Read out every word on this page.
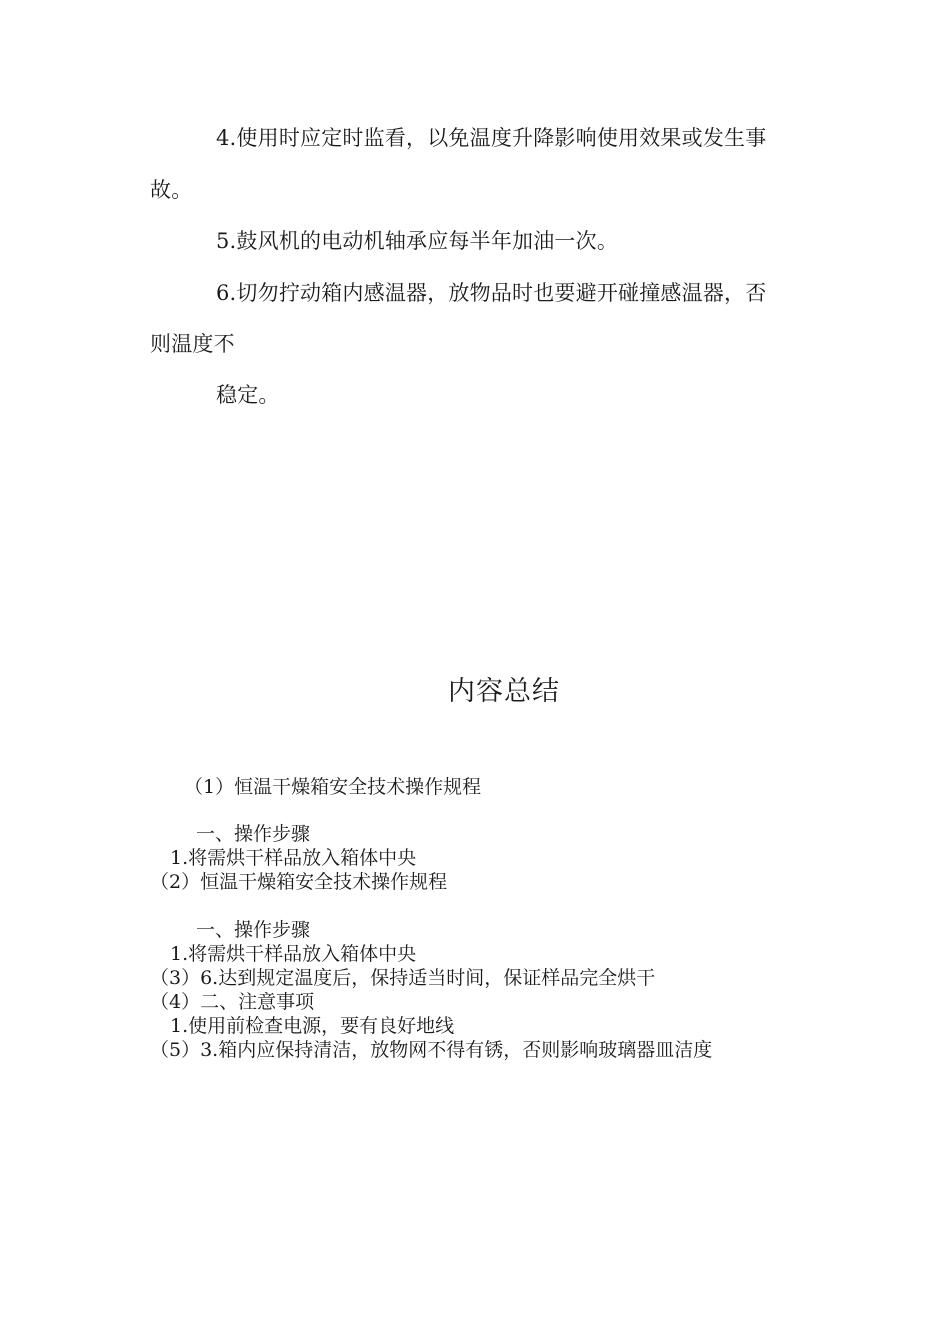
4.使用时应定时监看，以免温度升降影响使用效果或发生事
故。
5.鼓风机的电动机轴承应每半年加油一次。
6.切勿拧动箱内感温器，放物品时也要避开碰撞感温器，否
则温度不
稳定。
内容总结
（1）恒温干燥箱安全技术操作规程
一、操作步骤
1.将需烘干样品放入箱体中央
（2）恒温干燥箱安全技术操作规程
一、操作步骤
1.将需烘干样品放入箱体中央
（3）6.达到规定温度后，保持适当时间，保证样品完全烘干
（4）二、注意事项
1.使用前检查电源，要有良好地线
（5）3.箱内应保持清洁，放物网不得有锈，否则影响玻璃器皿洁度
